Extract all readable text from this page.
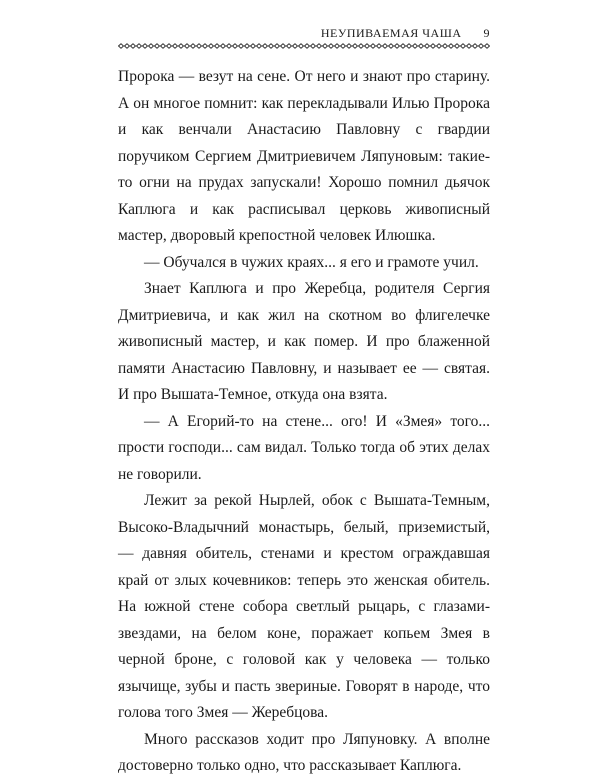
НЕУПИВАЕМАЯ ЧАША 9

Пророка — везут на сене. От него и знают про старину. А он многое помнит: как перекладывали Илью Пророка и как венчали Анастасию Павловну с гвардии поручиком Сергием Дмитриевичем Ляпуновым: такие-то огни на прудах запускали! Хорошо помнил дьячок Каплюга и как расписывал церковь живописный мастер, дворовый крепостной человек Илюшка.

— Обучался в чужих краях... я его и грамоте учил.

Знает Каплюга и про Жеребца, родителя Сергия Дмитриевича, и как жил на скотном во флигелечке живописный мастер, и как помер. И про блаженной памяти Анастасию Павловну, и называет ее — святая. И про Вышата-Темное, откуда она взята.

— А Егорий-то на стене... ого! И «Змея» того... прости господи... сам видал. Только тогда об этих делах не говорили.

Лежит за рекой Нырлей, обок с Вышата-Темным, Высоко-Владычний монастырь, белый, приземистый, — давняя обитель, стенами и крестом ограждавшая край от злых кочевников: теперь это женская обитель. На южной стене собора светлый рыцарь, с глазами-звездами, на белом коне, поражает копьем Змея в черной броне, с головой как у человека — только язычище, зубы и пасть звериные. Говорят в народе, что голова того Змея — Жеребцова.

Много рассказов ходит про Ляпуновку. А вполне достоверно только одно, что рассказывает Каплюга.
